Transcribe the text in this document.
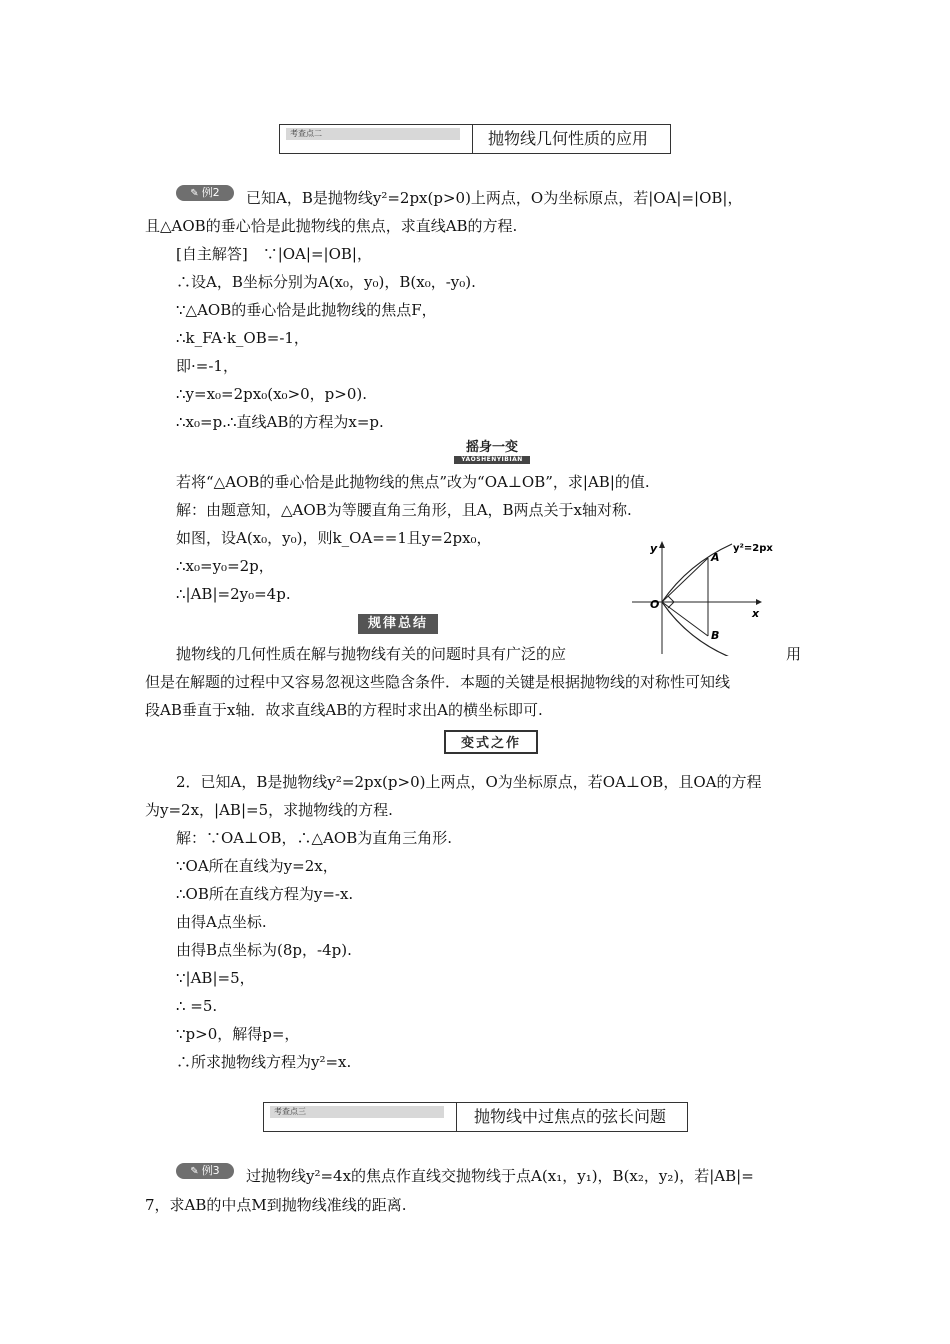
考查点二	抛物线几何性质的应用
✎ 例2	已知A，B是抛物线y²=2px(p>0)上两点，O为坐标原点，若|OA|=|OB|，
且△AOB的垂心恰是此抛物线的焦点，求直线AB的方程.
[自主解答]　∵|OA|=|OB|，
∴设A，B坐标分别为A(x₀，y₀)，B(x₀，-y₀).
∵△AOB的垂心恰是此抛物线的焦点F，
∴k_FA·k_OB=-1，
即·=-1，
∴y=x₀=2px₀(x₀>0，p>0).
∴x₀=p.∴直线AB的方程为x=p.
摇身一变
YAOSHENYIBIAN
若将“△AOB的垂心恰是此抛物线的焦点”改为“OA⊥OB”，求|AB|的值.
解：由题意知，△AOB为等腰直角三角形，且A，B两点关于x轴对称.
如图，设A(x₀，y₀)，则k_OA==1且y=2px₀，
∴x₀=y₀=2p，
∴|AB|=2y₀=4p.
y
x
O
A
B
y²=2px
规律总结
抛物线的几何性质在解与抛物线有关的问题时具有广泛的应	用
但是在解题的过程中又容易忽视这些隐含条件．本题的关键是根据抛物线的对称性可知线
段AB垂直于x轴．故求直线AB的方程时求出A的横坐标即可.
变式之作
2．已知A，B是抛物线y²=2px(p>0)上两点，O为坐标原点，若OA⊥OB，且OA的方程
为y=2x，|AB|=5，求抛物线的方程.
解：∵OA⊥OB，∴△AOB为直角三角形.
∵OA所在直线为y=2x，
∴OB所在直线方程为y=-x.
由得A点坐标.
由得B点坐标为(8p，-4p).
∵|AB|=5，
∴ =5.
∵p>0，解得p=，
∴所求抛物线方程为y²=x.
考查点三	抛物线中过焦点的弦长问题
✎ 例3	过抛物线y²=4x的焦点作直线交抛物线于点A(x₁，y₁)，B(x₂，y₂)，若|AB|=
7，求AB的中点M到抛物线准线的距离.
